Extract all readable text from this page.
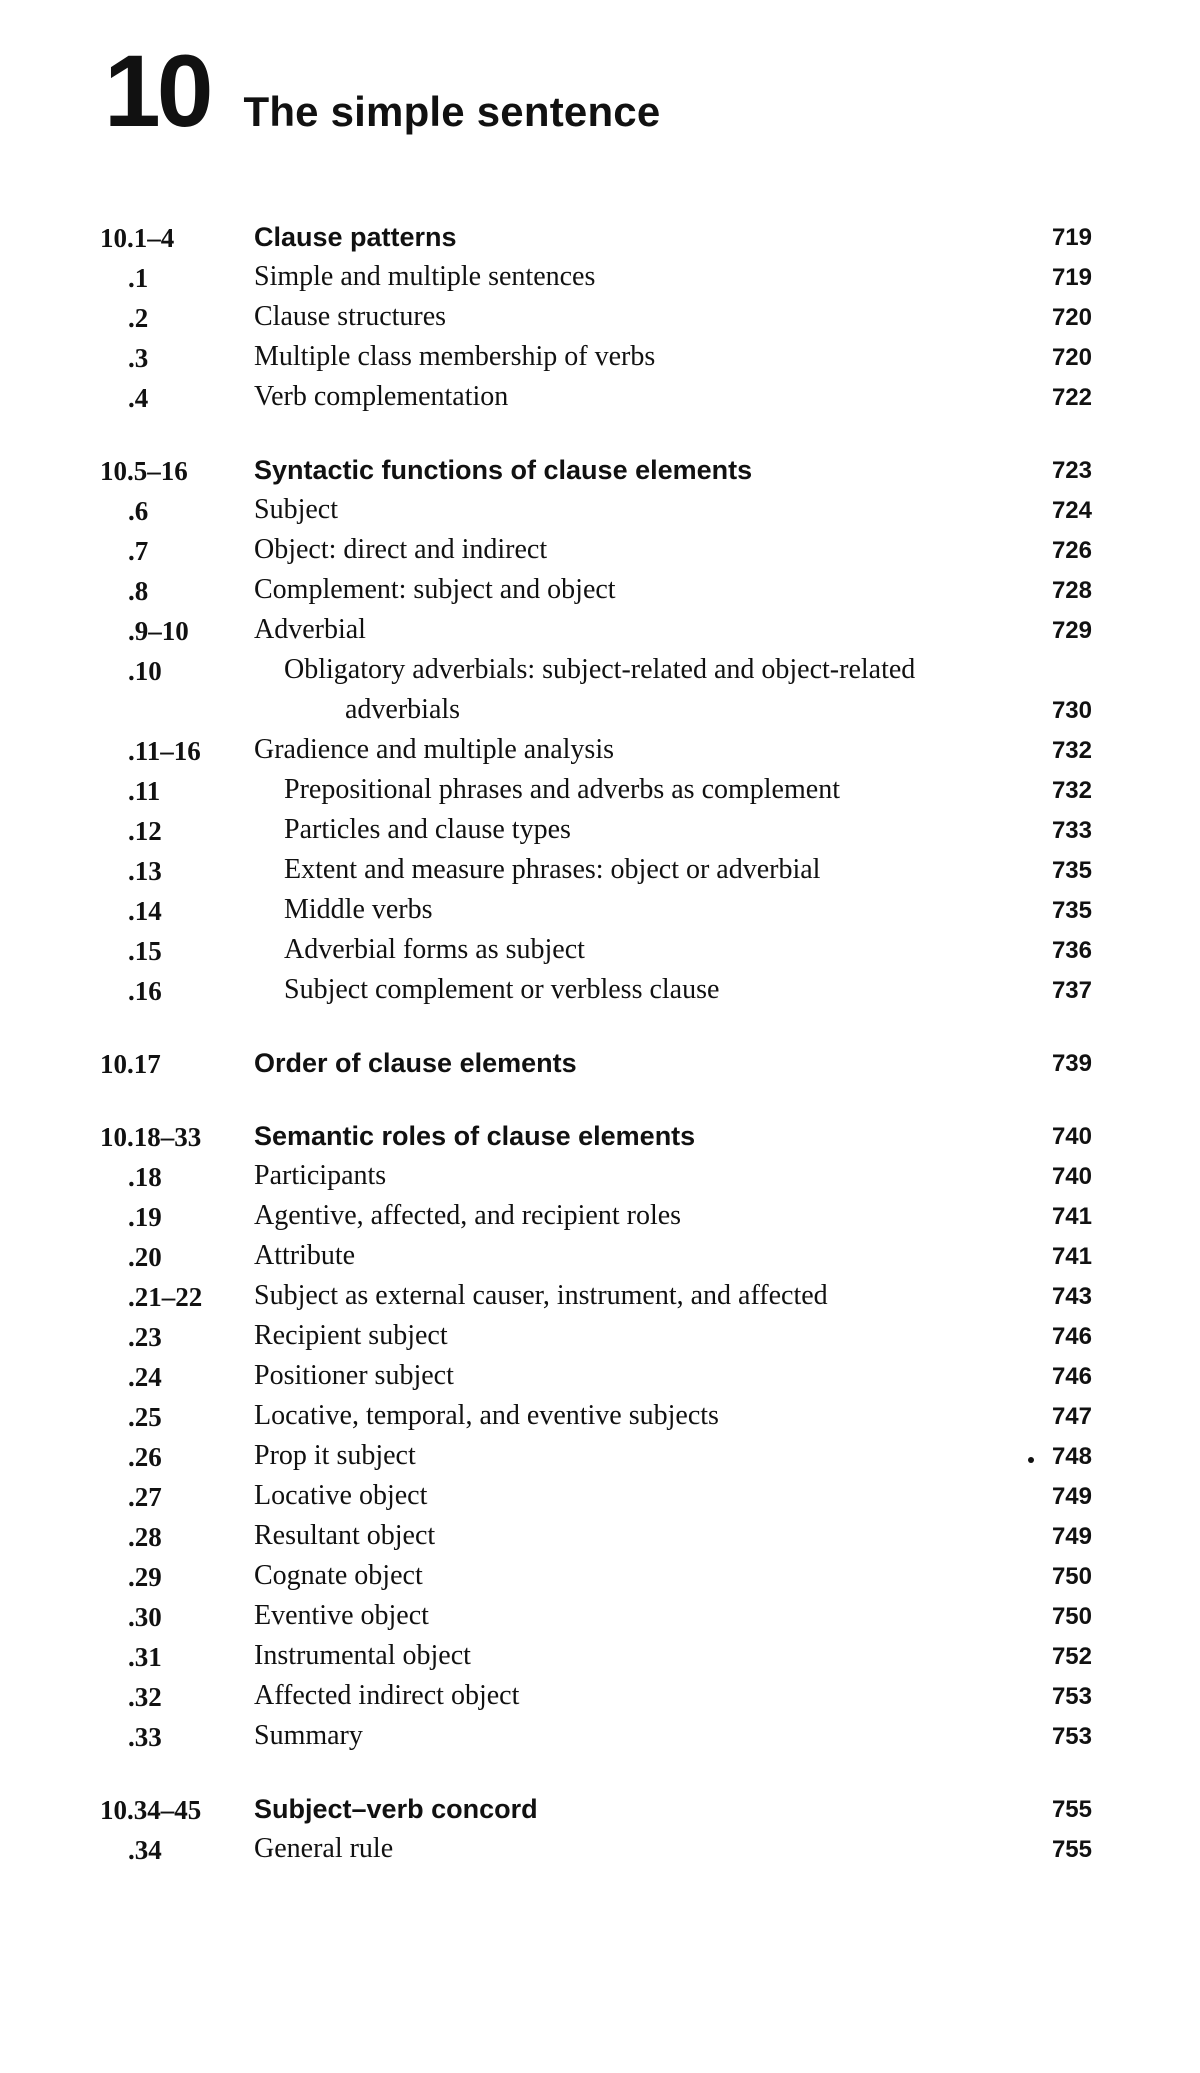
10 The simple sentence
10.1–4	Clause patterns	719
.1	Simple and multiple sentences	719
.2	Clause structures	720
.3	Multiple class membership of verbs	720
.4	Verb complementation	722
10.5–16	Syntactic functions of clause elements	723
.6	Subject	724
.7	Object: direct and indirect	726
.8	Complement: subject and object	728
.9–10	Adverbial	729
.10	Obligatory adverbials: subject-related and object-related
adverbials	730
.11–16	Gradience and multiple analysis	732
.11	Prepositional phrases and adverbs as complement	732
.12	Particles and clause types	733
.13	Extent and measure phrases: object or adverbial	735
.14	Middle verbs	735
.15	Adverbial forms as subject	736
.16	Subject complement or verbless clause	737
10.17	Order of clause elements	739
10.18–33	Semantic roles of clause elements	740
.18	Participants	740
.19	Agentive, affected, and recipient roles	741
.20	Attribute	741
.21–22	Subject as external causer, instrument, and affected	743
.23	Recipient subject	746
.24	Positioner subject	746
.25	Locative, temporal, and eventive subjects	747
.26	Prop it subject	748
.27	Locative object	749
.28	Resultant object	749
.29	Cognate object	750
.30	Eventive object	750
.31	Instrumental object	752
.32	Affected indirect object	753
.33	Summary	753
10.34–45	Subject–verb concord	755
.34	General rule	755
